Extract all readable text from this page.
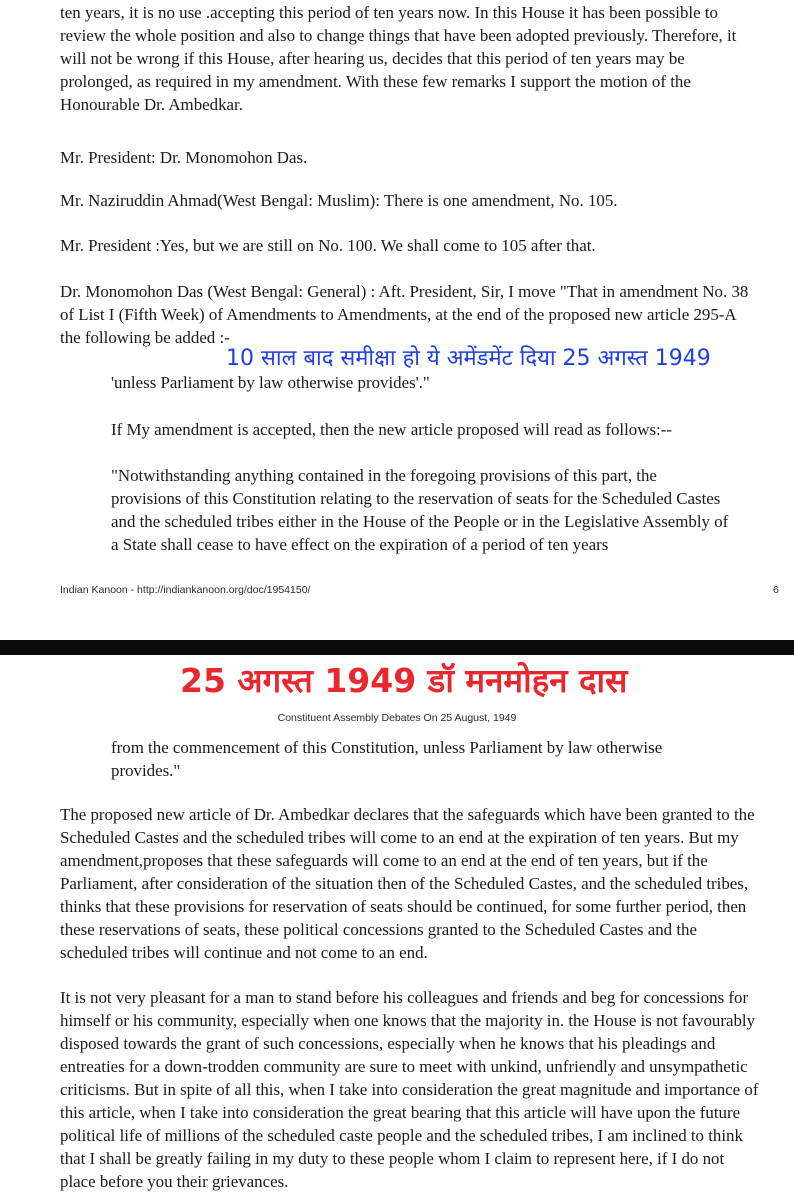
ten years, it is no use .accepting this period of ten years now. In this House it has been possible to review the whole position and also to change things that have been adopted previously. Therefore, it will not be wrong if this House, after hearing us, decides that this period of ten years may be prolonged, as required in my amendment. With these few remarks I support the motion of the Honourable Dr. Ambedkar.

Mr. President: Dr. Monomohon Das.

Mr. Naziruddin Ahmad(West Bengal: Muslim): There is one amendment, No. 105.

Mr. President :Yes, but we are still on No. 100. We shall come to 105 after that.

Dr. Monomohon Das (West Bengal: General) : Aft. President, Sir, I move "That in amendment No. 38 of List I (Fifth Week) of Amendments to Amendments, at the end of the proposed new article 295-A the following be added :-

10 साल बाद समीक्षा हो ये अमेंडमेंट दिया 25 अगस्त 1949

'unless Parliament by law otherwise provides'."

If My amendment is accepted, then the new article proposed will read as follows:--

"Notwithstanding anything contained in the foregoing provisions of this part, the provisions of this Constitution relating to the reservation of seats for the Scheduled Castes and the scheduled tribes either in the House of the People or in the Legislative Assembly of a State shall cease to have effect on the expiration of a period of ten years

Indian Kanoon - http://indiankanoon.org/doc/1954150/	6
25 अगस्त 1949 डॉ मनमोहन दास
Constituent Assembly Debates On 25 August, 1949

from the commencement of this Constitution, unless Parliament by law otherwise provides."

The proposed new article of Dr. Ambedkar declares that the safeguards which have been granted to the Scheduled Castes and the scheduled tribes will come to an end at the expiration of ten years. But my amendment,proposes that these safeguards will come to an end at the end of ten years, but if the Parliament, after consideration of the situation then of the Scheduled Castes, and the scheduled tribes, thinks that these provisions for reservation of seats should be continued, for some further period, then these reservations of seats, these political concessions granted to the Scheduled Castes and the scheduled tribes will continue and not come to an end.

It is not very pleasant for a man to stand before his colleagues and friends and beg for concessions for himself or his community, especially when one knows that the majority in. the House is not favourably disposed towards the grant of such concessions, especially when he knows that his pleadings and entreaties for a down-trodden community are sure to meet with unkind, unfriendly and unsympathetic criticisms. But in spite of all this, when I take into consideration the great magnitude and importance of this article, when I take into consideration the great bearing that this article will have upon the future political life of millions of the scheduled caste people and the scheduled tribes, I am inclined to think that I shall be greatly failing in my duty to these people whom I claim to represent here, if I do not place before you their grievances.
